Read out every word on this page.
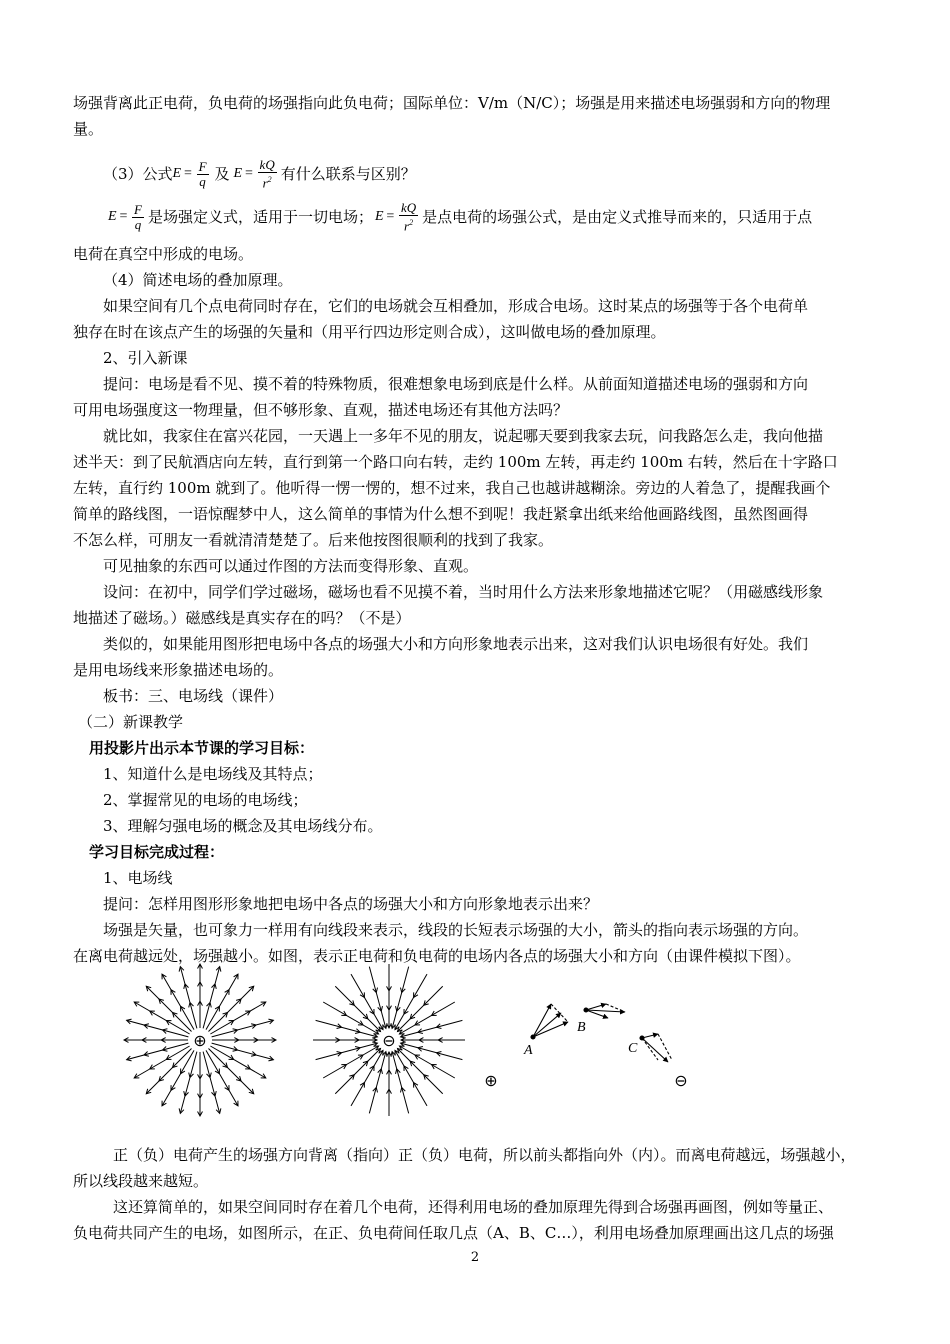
场强背离此正电荷，负电荷的场强指向此负电荷；国际单位：V/m（N/C）；场强是用来描述电场强弱和方向的物理
量。
（3）公式 $E = \frac{F}{q}$ 及 $E = \frac{kQ}{r^2}$ 有什么联系与区别？
$E = \frac{F}{q}$ 是场强定义式，适用于一切电场； $E = \frac{kQ}{r^2}$ 是点电荷的场强公式，是由定义式推导而来的，只适用于点
电荷在真空中形成的电场。
（4）简述电场的叠加原理。
如果空间有几个点电荷同时存在，它们的电场就会互相叠加，形成合电场。这时某点的场强等于各个电荷单
独存在时在该点产生的场强的矢量和（用平行四边形定则合成），这叫做电场的叠加原理。
2、引入新课
提问：电场是看不见、摸不着的特殊物质，很难想象电场到底是什么样。从前面知道描述电场的强弱和方向
可用电场强度这一物理量，但不够形象、直观，描述电场还有其他方法吗？
就比如，我家住在富兴花园，一天遇上一多年不见的朋友，说起哪天要到我家去玩，问我路怎么走，我向他描
述半天：到了民航酒店向左转，直行到第一个路口向右转，走约 100m 左转，再走约 100m 右转，然后在十字路口
左转，直行约 100m 就到了。他听得一愣一愣的，想不过来，我自己也越讲越糊涂。旁边的人着急了，提醒我画个
简单的路线图，一语惊醒梦中人，这么简单的事情为什么想不到呢！我赶紧拿出纸来给他画路线图，虽然图画得
不怎么样，可朋友一看就清清楚楚了。后来他按图很顺利的找到了我家。
可见抽象的东西可以通过作图的方法而变得形象、直观。
设问：在初中，同学们学过磁场，磁场也看不见摸不着，当时用什么方法来形象地描述它呢？（用磁感线形象
地描述了磁场。）磁感线是真实存在的吗？（不是）
类似的，如果能用图形把电场中各点的场强大小和方向形象地表示出来，这对我们认识电场很有好处。我们
是用电场线来形象描述电场的。
板书：三、电场线（课件）
（二）新课教学
用投影片出示本节课的学习目标：
1、知道什么是电场线及其特点；
2、掌握常见的电场的电场线；
3、理解匀强电场的概念及其电场线分布。
学习目标完成过程：
1、电场线
提问：怎样用图形形象地把电场中各点的场强大小和方向形象地表示出来？
场强是矢量，也可象力一样用有向线段来表示，线段的长短表示场强的大小，箭头的指向表示场强的方向。
在离电荷越远处，场强越小。如图，表示正电荷和负电荷的电场内各点的场强大小和方向（由课件模拟下图）。
⊕	⊖
A
B
C
⊕	⊖
正（负）电荷产生的场强方向背离（指向）正（负）电荷，所以前头都指向外（内）。而离电荷越远，场强越小，
所以线段越来越短。
这还算简单的，如果空间同时存在着几个电荷，还得利用电场的叠加原理先得到合场强再画图，例如等量正、
负电荷共同产生的电场，如图所示，在正、负电荷间任取几点（A、B、C…），利用电场叠加原理画出这几点的场强
2
